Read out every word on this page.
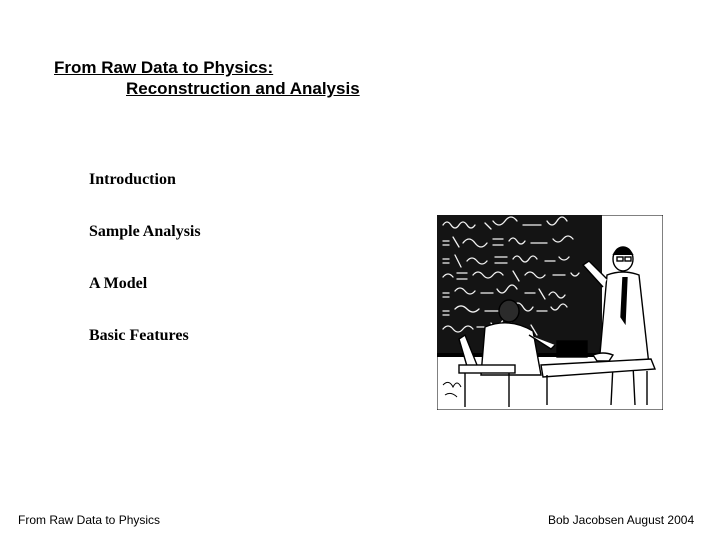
From Raw Data to Physics:
Reconstruction and Analysis
Introduction
Sample Analysis
A Model
Basic Features
From Raw Data to Physics	Bob Jacobsen August 2004
